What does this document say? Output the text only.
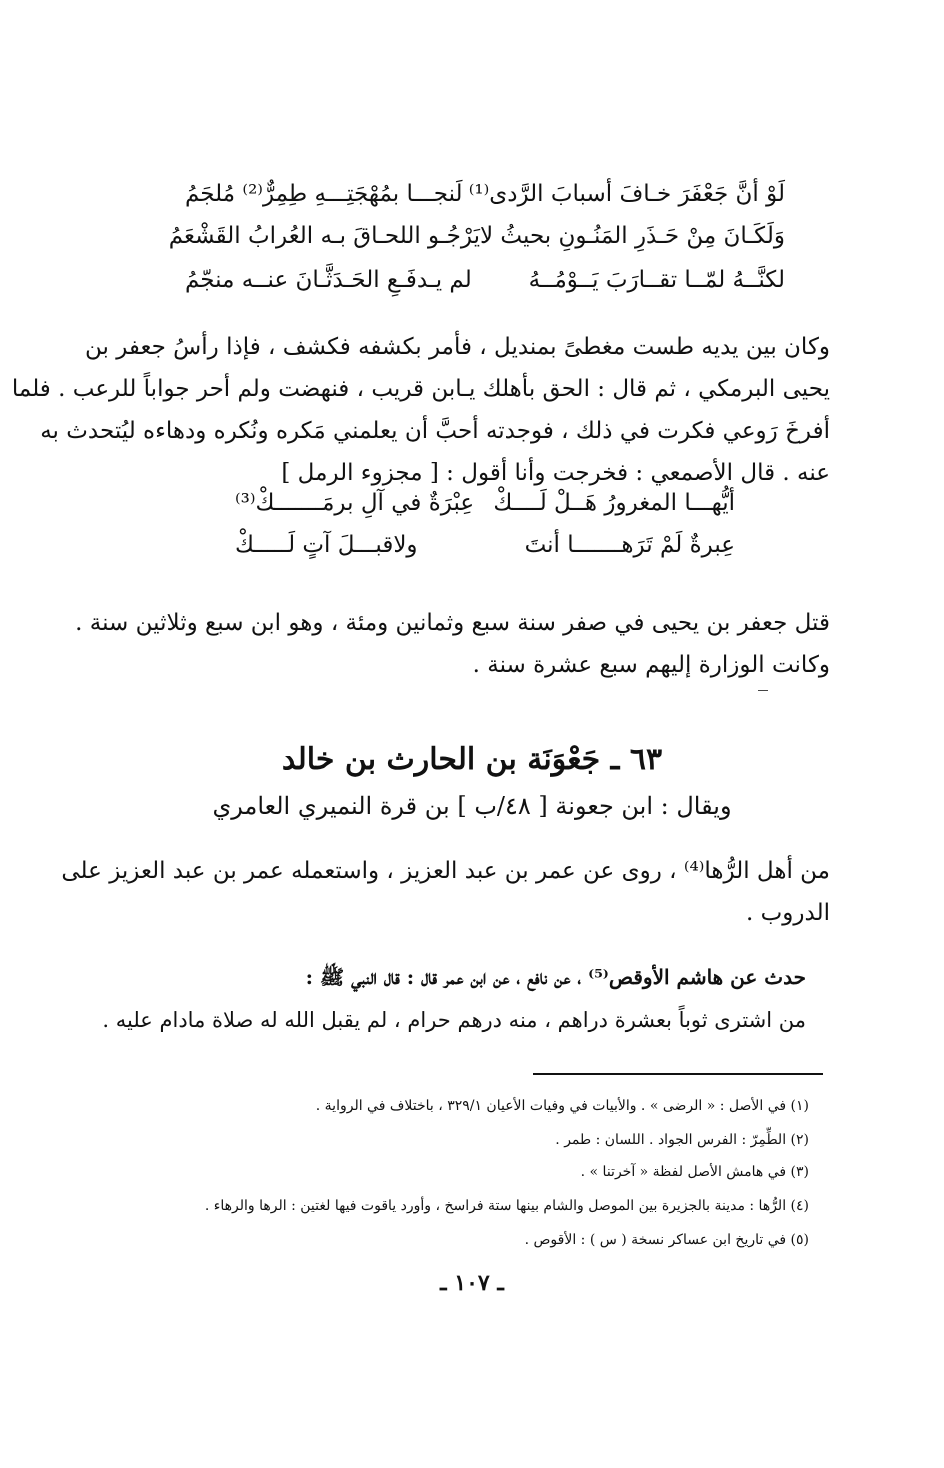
لَوْ أنَّ جَعْفَرَ خـافَ أسبابَ الرَّدى⁽¹⁾
لَنجـــا بمُهْجَتِـــهِ طِمِرٌّ⁽²⁾ مُلجَمُ
وَلَكَـانَ مِنْ حَـذَرِ المَنُـونِ بحيثُ لا
يَرْجُـو اللحـاقَ بـه العُرابُ القَشْعَمُ
لكنَّــهُ لمّــا تقــارَبَ يَــوْمُــهُ
لم يـدفَـعِ الحَـدَثَّـانَ عنــه منجّمُ
وكان بين يديه طست مغطىً بمنديل ، فأمر بكشفه فكشف ، فإذا رأسُ جعفر بن
يحيى البرمكي ، ثم قال : الحق بأهلك يـابن قريب ، فنهضت ولم أحر جواباً للرعب . فلما
أفرخَ رَوعي فكرت في ذلك ، فوجدته أحبَّ أن يعلمني مَكره ونُكره ودهاءه ليُتحدث به
عنه . قال الأصمعي : فخرجت وأنا أقول : [ مجزوء الرمل ]
أيُّهـــا المغرورُ هَــلْ لَــــكْ
عِبْرَةٌ في آلِ برمَـــــــكْ⁽³⁾
عِبرةٌ لَمْ تَرَهـــــــا أنتَ
ولاقبـــلَ آتٍ لَـــــكْ
قتل جعفر بن يحيى في صفر سنة سبع وثمانين ومئة ، وهو ابن سبع وثلاثين سنة .
وكانت الوزارة إليهم سبع عشرة سنة .
٦٣ ـ جَعْوَنَة بن الحارث بن خالد
ويقال : ابن جعونة [ ٤٨/ب ] بن قرة النميري العامري
من أهل الرُّها⁽⁴⁾ ، روى عن عمر بن عبد العزيز ، واستعمله عمر بن عبد العزيز على
الدروب .
حدث عن هاشم الأوقص⁽⁵⁾ ، عن نافع ، عن ابن عمر قال : قال النبي ﷺ :
من اشترى ثوباً بعشرة دراهم ، منه درهم حرام ، لم يقبل الله له صلاة مادام عليه .
(١) في الأصل : « الرضى » . والأبيات في وفيات الأعيان ٣٢٩/١ ، باختلاف في الرواية .
(٢) الطِّمِرّ : الفرس الجواد . اللسان : طمر .
(٣) في هامش الأصل لفظة « آخرتنا » .
(٤) الرُّها : مدينة بالجزيرة بين الموصل والشام بينها ستة فراسخ ، وأورد ياقوت فيها لغتين : الرها والرهاء .
(٥) في تاريخ ابن عساكر نسخة ( س ) : الأقوص .
ـ ١٠٧ ـ
